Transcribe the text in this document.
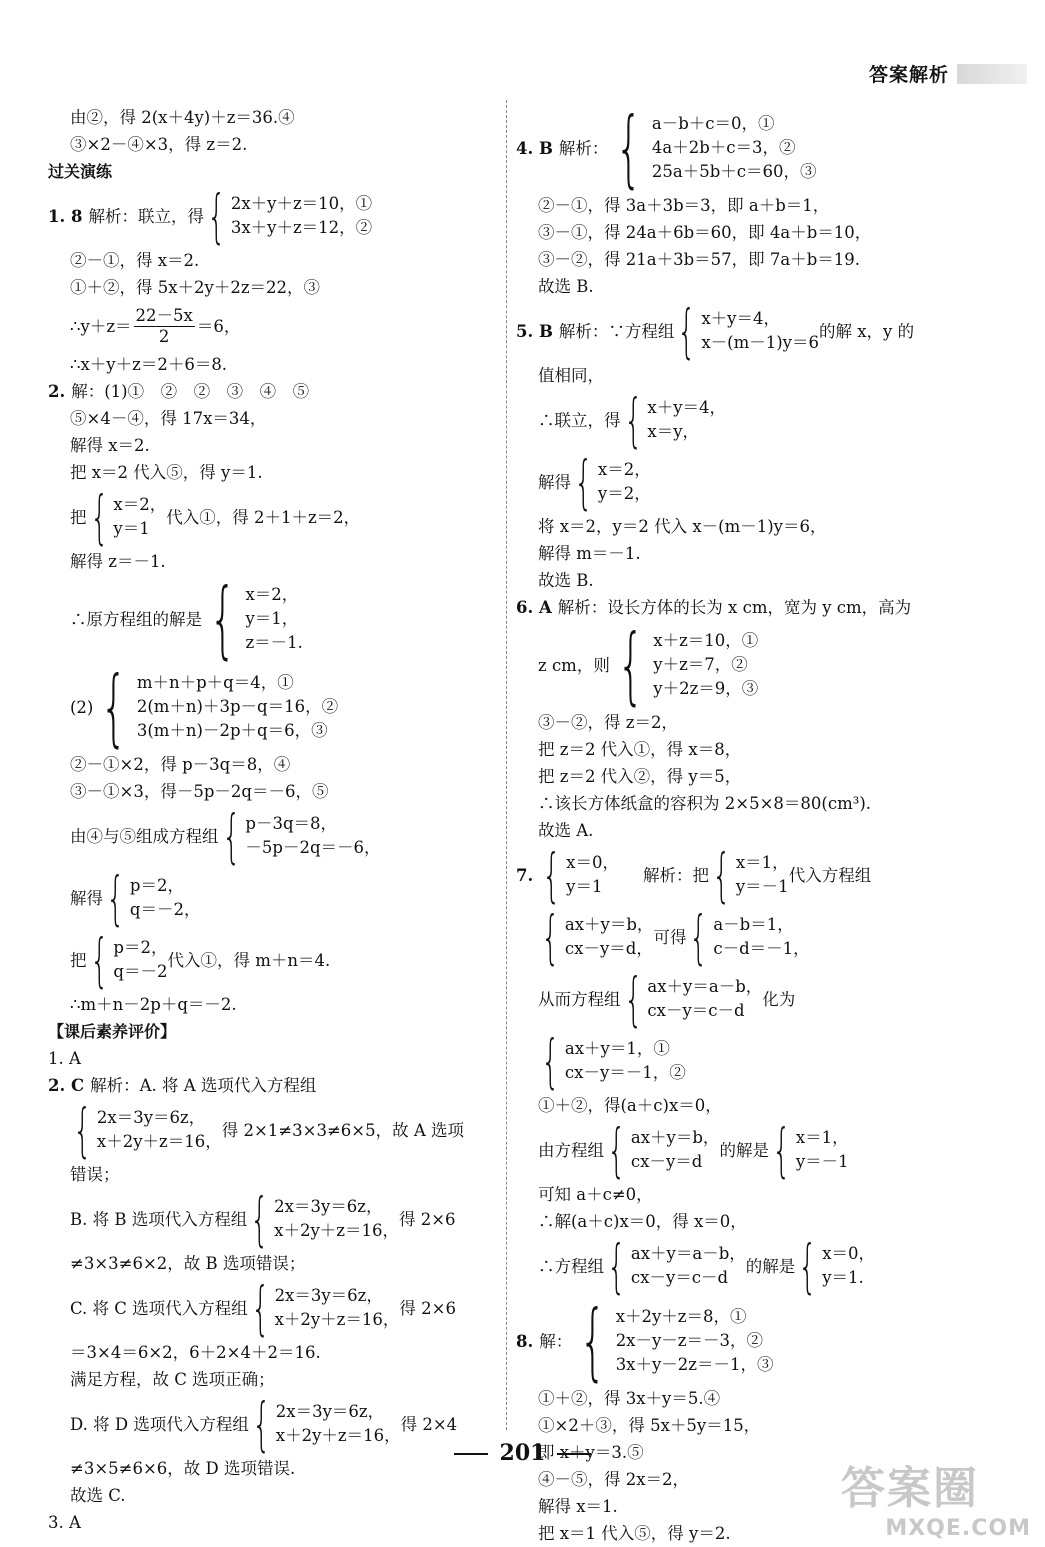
答案解析
由②，得 2(x＋4y)＋z＝36.④
③×2－④×3，得 z＝2.
过关演练
1. 8 解析：联立，得 { 2x＋y＋z＝10，①
3x＋y＋z＝12，②
②－①，得 x＝2.
①＋②，得 5x＋2y＋2z＝22，③
∴y＋z＝ $\frac{22-5x}{2} =6$，
∴x＋y＋z＝2＋6＝8.
2. 解：(1)①　②　②　③　④　⑤
⑤×4－④，得 17x＝34，
解得 x＝2.
把 x＝2 代入⑤，得 y＝1.
把 { x＝2，
y＝1
代入①，得 2＋1＋z＝2，
解得 z＝－1.
∴原方程组的解是 { x＝2，
y＝1，
z＝－1.
(2) { m＋n＋p＋q＝4，①
2(m＋n)＋3p－q＝16，②
3(m＋n)－2p＋q＝6，③
②－①×2，得 p－3q＝8，④
③－①×3，得－5p－2q＝－6，⑤
由④与⑤组成方程组 { p－3q＝8，
－5p－2q＝－6，
解得 { p＝2，
q＝－2，
把 { p＝2，
q＝－2
代入①，得 m＋n＝4.
∴m＋n－2p＋q＝－2.
【课后素养评价】
1. A
2. C 解析：A. 将 A 选项代入方程组
{ 2x＝3y＝6z，
x＋2y＋z＝16，
得 2×1≠3×3≠6×5，故 A 选项
错误；
B. 将 B 选项代入方程组 { 2x＝3y＝6z，
x＋2y＋z＝16，
得 2×6
≠3×3≠6×2，故 B 选项错误；
C. 将 C 选项代入方程组 { 2x＝3y＝6z，
x＋2y＋z＝16，
得 2×6
＝3×4＝6×2，6＋2×4＋2＝16.
满足方程，故 C 选项正确；
D. 将 D 选项代入方程组 { 2x＝3y＝6z，
x＋2y＋z＝16，
得 2×4
≠3×5≠6×6，故 D 选项错误.
故选 C.
3. A
4. B 解析： { a－b＋c＝0，①
4a＋2b＋c＝3，②
25a＋5b＋c＝60，③
②－①，得 3a＋3b＝3，即 a＋b＝1，
③－①，得 24a＋6b＝60，即 4a＋b＝10，
③－②，得 21a＋3b＝57，即 7a＋b＝19.
故选 B.
5. B 解析：∵方程组 { x＋y＝4，
x－(m－1)y＝6
的解 x，y 的
值相同，
∴联立，得 { x＋y＝4，
x＝y，
解得 { x＝2，
y＝2，
将 x＝2，y＝2 代入 x－(m－1)y＝6，
解得 m＝－1.
故选 B.
6. A 解析：设长方体的长为 x cm，宽为 y cm，高为
z cm，则 { x＋z＝10，①
y＋z＝7，②
y＋2z＝9，③
③－②，得 z＝2，
把 z＝2 代入①，得 x＝8，
把 z＝2 代入②，得 y＝5，
∴该长方体纸盒的容积为 2×5×8＝80(cm³).
故选 A.
7. { x＝0，
y＝1
解析：把 { x＝1，
y＝－1
代入方程组
{ ax＋y＝b，
cx－y＝d，
可得 { a－b＝1，
c－d＝－1，
从而方程组 { ax＋y＝a－b，
cx－y＝c－d
化为
{ ax＋y＝1，①
cx－y＝－1，②
①＋②，得(a＋c)x＝0，
由方程组 { ax＋y＝b，
cx－y＝d
的解是 { x＝1，
y＝－1
可知 a＋c≠0，
∴解(a＋c)x＝0，得 x＝0，
∴方程组 { ax＋y＝a－b，
cx－y＝c－d
的解是 { x＝0，
y＝1.
8. 解： { x＋2y＋z＝8，①
2x－y－z＝－3，②
3x＋y－2z＝－1，③
①＋②，得 3x＋y＝5.④
①×2＋③，得 5x＋5y＝15，
即 x＋y＝3.⑤
④－⑤，得 2x＝2，
解得 x＝1.
把 x＝1 代入⑤，得 y＝2.
201
答案圈
MXQE.COM
